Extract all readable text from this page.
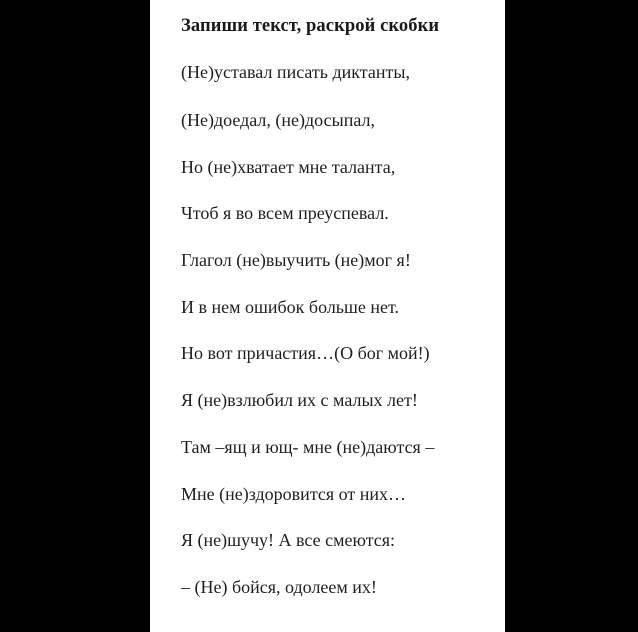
Запиши текст, раскрой скобки
(Не)уставал писать диктанты,
(Не)доедал, (не)досыпал,
Но (не)хватает мне таланта,
Чтоб я во всем преуспевал.
Глагол (не)выучить (не)мог я!
И в нем ошибок больше нет.
Но вот причастия…(О бог мой!)
Я (не)взлюбил их с малых лет!
Там –ящ и ющ- мне (не)даются –
Мне (не)здоровится от них…
Я (не)шучу! А все смеются:
– (Не) бойся, одолеем их!
